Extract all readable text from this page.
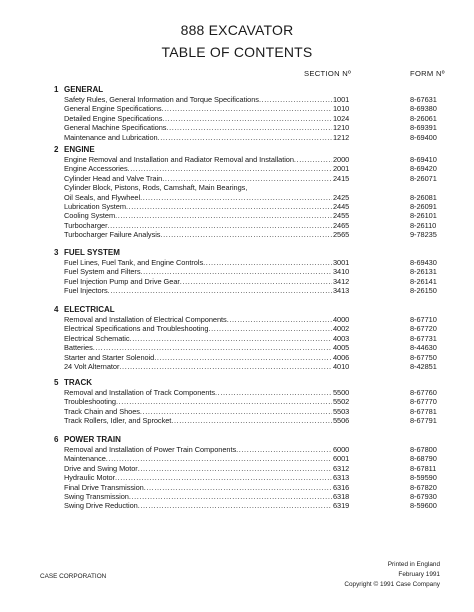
888 EXCAVATOR
TABLE OF CONTENTS
SECTION Nº	FORM Nº
1 GENERAL
Safety Rules, General Information and Torque Specifications .....	1001	8-67631
General Engine Specifications .....	1010	8-69380
Detailed Engine Specifications .....	1024	8-26061
General Machine Specifications .....	1210	8-69391
Maintenance and Lubrication .....	1212	8-69400
2 ENGINE
Engine Removal and Installation and Radiator Removal and Installation .....	2000	8-69410
Engine Accessories .....	2001	8-69420
Cylinder Head and Valve Train .....	2415	8-26071
Cylinder Block, Pistons, Rods, Camshaft, Main Bearings,
Oil Seals, and Flywheel .....	2425	8-26081
Lubrication System .....	2445	8-26091
Cooling System .....	2455	8-26101
Turbocharger .....	2465	8-26110
Turbocharger Failure Analysis .....	2565	9-78235
3 FUEL SYSTEM
Fuel Lines, Fuel Tank, and Engine Controls .....	3001	8-69430
Fuel System and Filters .....	3410	8-26131
Fuel Injection Pump and Drive Gear .....	3412	8-26141
Fuel Injectors .....	3413	8-26150
4 ELECTRICAL
Removal and Installation of Electrical Components .....	4000	8-67710
Electrical Specifications and Troubleshooting .....	4002	8-67720
Electrical Schematic .....	4003	8-67731
Batteries .....	4005	8-44630
Starter and Starter Solenoid .....	4006	8-67750
24 Volt Alternator .....	4010	8-42851
5 TRACK
Removal and Installation of Track Components .....	5500	8-67760
Troubleshooting .....	5502	8-67770
Track Chain and Shoes .....	5503	8-67781
Track Rollers, Idler, and Sprocket .....	5506	8-67791
6 POWER TRAIN
Removal and Installation of Power Train Components .....	6000	8-67800
Maintenance .....	6001	8-68790
Drive and Swing Motor .....	6312	8-67811
Hydraulic Motor .....	6313	8-59590
Final Drive Transmission .....	6316	8-67820
Swing Transmission .....	6318	8-67930
Swing Drive Reduction .....	6319	8-59600
CASE CORPORATION
Printed in England
February 1991
Copyright © 1991 Case Company
